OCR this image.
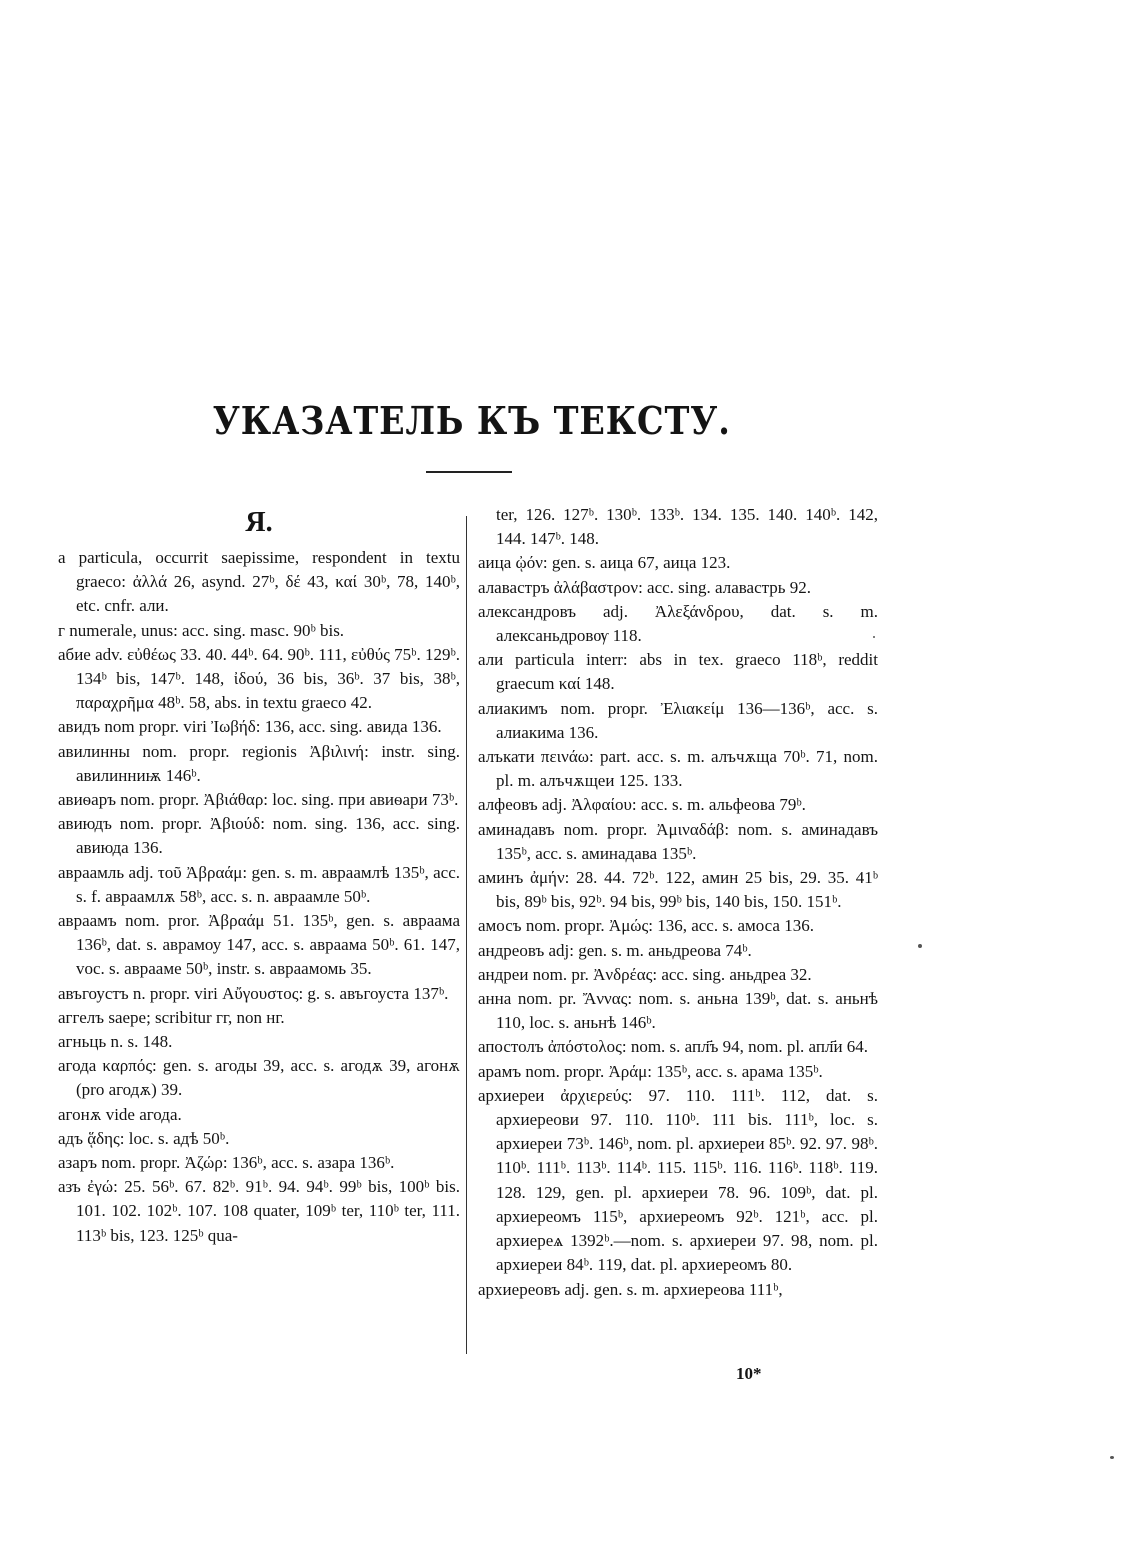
УКАЗАТЕЛЬ КЪ ТЕКСТУ.
Я.

а particula, occurrit saepissime, respondent in textu graeco: ἀλλά 26, asynd. 27ᵇ, δέ 43, καί 30ᵇ, 78, 140ᵇ, etc. cnfr. али.

г numerale, unus: acc. sing. masc. 90ᵇ bis.

абие adv. εὐθέως 33. 40. 44ᵇ. 64. 90ᵇ. 111, εὐθύς 75ᵇ. 129ᵇ. 134ᵇ bis, 147ᵇ. 148, ἰδού, 36 bis, 36ᵇ. 37 bis, 38ᵇ, παραχρῆμα 48ᵇ. 58, abs. in textu graeco 42.

авидъ nom propr. viri Ἰωβήδ: 136, acc. sing. авида 136.

авилинны nom. propr. regionis Ἀβιλινή: instr. sing. авилинниѭ 146ᵇ.

авиѳаръ nom. propr. Ἀβιάθαρ: loc. sing. при авиѳари 73ᵇ.

авиюдъ nom. propr. Ἀβιούδ: nom. sing. 136, acc. sing. авиюда 136.

авраамль adj. τοῦ Ἀβραάμ: gen. s. m. авраамлѣ 135ᵇ, acc. s. f. авраамлѫ 58ᵇ, acc. s. n. авраамле 50ᵇ.

авраамъ nom. pror. Ἀβραάμ 51. 135ᵇ, gen. s. авраама 136ᵇ, dat. s. аврамоу 147, acc. s. авраама 50ᵇ. 61. 147, voc. s. аврааме 50ᵇ, instr. s. авраамомь 35.

авъгоустъ n. propr. viri Αὔγουστος: g. s. авъгоуста 137ᵇ.

аггелъ saepe; scribitur гг, non нг.

агньць n. s. 148.

агода καρπός: gen. s. агоды 39, acc. s. агодѫ 39, агонѫ (pro агодѫ) 39.

агонѫ vide агода.

адъ ᾅδης: loc. s. адѣ 50ᵇ.

азаръ nom. propr. Ἀζώρ: 136ᵇ, acc. s. азара 136ᵇ.

азъ ἐγώ: 25. 56ᵇ. 67. 82ᵇ. 91ᵇ. 94. 94ᵇ. 99ᵇ bis, 100ᵇ bis. 101. 102. 102ᵇ. 107. 108 quater, 109ᵇ ter, 110ᵇ ter, 111. 113ᵇ bis, 123. 125ᵇ qua-

ter, 126. 127ᵇ. 130ᵇ. 133ᵇ. 134. 135. 140. 140ᵇ. 142, 144. 147ᵇ. 148.

аица ᾠόν: gen. s. аица 67, аица 123.

алавастръ ἀλάβαστρον: acc. sing. алавастрь 92.

александровъ adj. Ἀλεξάνδρου, dat. s. m. алексаньдровѹ 118.

али particula interr: abs in tex. graeco 118ᵇ, reddit graecum καί 148.

алиакимъ nom. propr. Ἐλιακείμ 136—136ᵇ, acc. s. алиакима 136.

алъкати πεινάω: part. acc. s. m. алъчѫща 70ᵇ. 71, nom. pl. m. алъчѫщеи 125. 133.

алфеовъ adj. Ἀλφαίου: acc. s. m. альфеова 79ᵇ.

аминадавъ nom. propr. Ἀμιναδάβ: nom. s. аминадавъ 135ᵇ, acc. s. аминадава 135ᵇ.

аминъ ἀμήν: 28. 44. 72ᵇ. 122, амин 25 bis, 29. 35. 41ᵇ bis, 89ᵇ bis, 92ᵇ. 94 bis, 99ᵇ bis, 140 bis, 150. 151ᵇ.

амосъ nom. propr. Ἀμώς: 136, acc. s. амоса 136.

андреовъ adj: gen. s. m. аньдреова 74ᵇ.

андреи nom. pr. Ἀνδρέας: acc. sing. аньдреа 32.

анна nom. pr. Ἄννας: nom. s. аньна 139ᵇ, dat. s. аньнѣ 110, loc. s. аньнѣ 146ᵇ.

апостолъ ἀπόστολος: nom. s. апл҃ъ 94, nom. pl. апл҃и 64.

арамъ nom. propr. Ἀράμ: 135ᵇ, acc. s. арама 135ᵇ.

архиереи ἀρχιερεύς: 97. 110. 111ᵇ. 112, dat. s. архиереови 97. 110. 110ᵇ. 111 bis. 111ᵇ, loc. s. архиереи 73ᵇ. 146ᵇ, nom. pl. архиереи 85ᵇ. 92. 97. 98ᵇ. 110ᵇ. 111ᵇ. 113ᵇ. 114ᵇ. 115. 115ᵇ. 116. 116ᵇ. 118ᵇ. 119. 128. 129, gen. pl. архиереи 78. 96. 109ᵇ, dat. pl. архиереомъ 115ᵇ, архиереомъ 92ᵇ. 121ᵇ, acc. pl. архиереѧ 1392ᵇ.—nom. s. архиереи 97. 98, nom. pl. архиереи 84ᵇ. 119, dat. pl. архиереомъ 80.

архиереовъ adj. gen. s. m. архиереова 111ᵇ,

10*
